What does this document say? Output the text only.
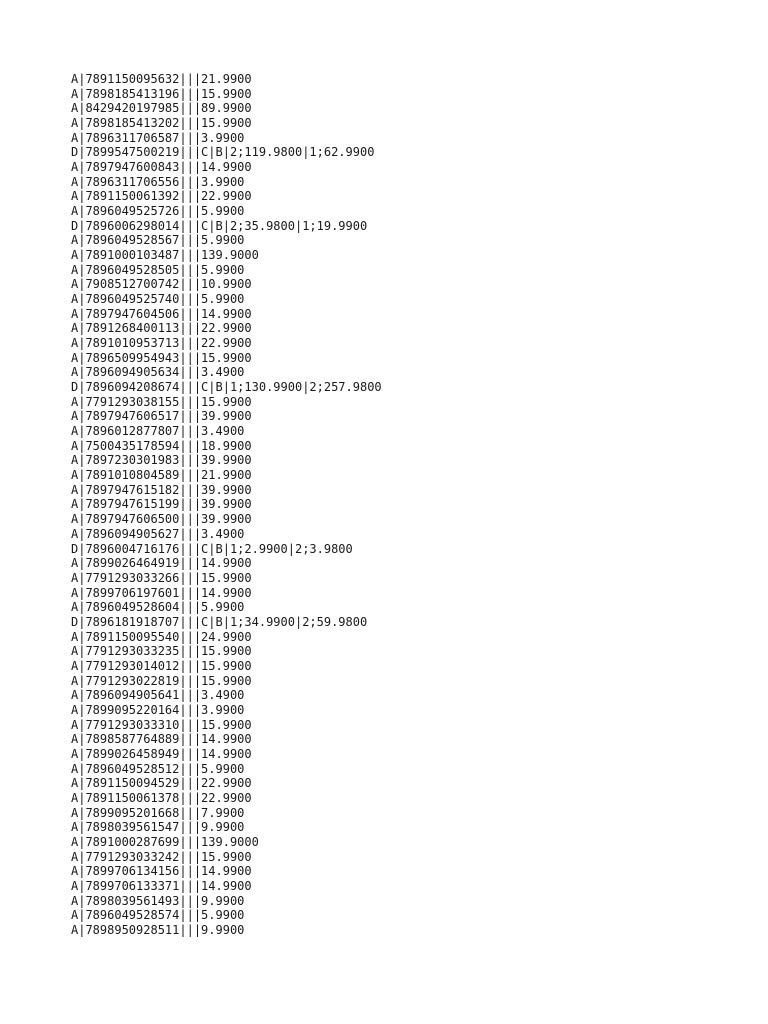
A|7891150095632|||21.9900
A|7898185413196|||15.9900
A|8429420197985|||89.9900
A|7898185413202|||15.9900
A|7896311706587|||3.9900
D|7899547500219|||C|B|2;119.9800|1;62.9900
A|7897947600843|||14.9900
A|7896311706556|||3.9900
A|7891150061392|||22.9900
A|7896049525726|||5.9900
D|7896006298014|||C|B|2;35.9800|1;19.9900
A|7896049528567|||5.9900
A|7891000103487|||139.9000
A|7896049528505|||5.9900
A|7908512700742|||10.9900
A|7896049525740|||5.9900
A|7897947604506|||14.9900
A|7891268400113|||22.9900
A|7891010953713|||22.9900
A|7896509954943|||15.9900
A|7896094905634|||3.4900
D|7896094208674|||C|B|1;130.9900|2;257.9800
A|7791293038155|||15.9900
A|7897947606517|||39.9900
A|7896012877807|||3.4900
A|7500435178594|||18.9900
A|7897230301983|||39.9900
A|7891010804589|||21.9900
A|7897947615182|||39.9900
A|7897947615199|||39.9900
A|7897947606500|||39.9900
A|7896094905627|||3.4900
D|7896004716176|||C|B|1;2.9900|2;3.9800
A|7899026464919|||14.9900
A|7791293033266|||15.9900
A|7899706197601|||14.9900
A|7896049528604|||5.9900
D|7896181918707|||C|B|1;34.9900|2;59.9800
A|7891150095540|||24.9900
A|7791293033235|||15.9900
A|7791293014012|||15.9900
A|7791293022819|||15.9900
A|7896094905641|||3.4900
A|7899095220164|||3.9900
A|7791293033310|||15.9900
A|7898587764889|||14.9900
A|7899026458949|||14.9900
A|7896049528512|||5.9900
A|7891150094529|||22.9900
A|7891150061378|||22.9900
A|7899095201668|||7.9900
A|7898039561547|||9.9900
A|7891000287699|||139.9000
A|7791293033242|||15.9900
A|7899706134156|||14.9900
A|7899706133371|||14.9900
A|7898039561493|||9.9900
A|7896049528574|||5.9900
A|7898950928511|||9.9900
